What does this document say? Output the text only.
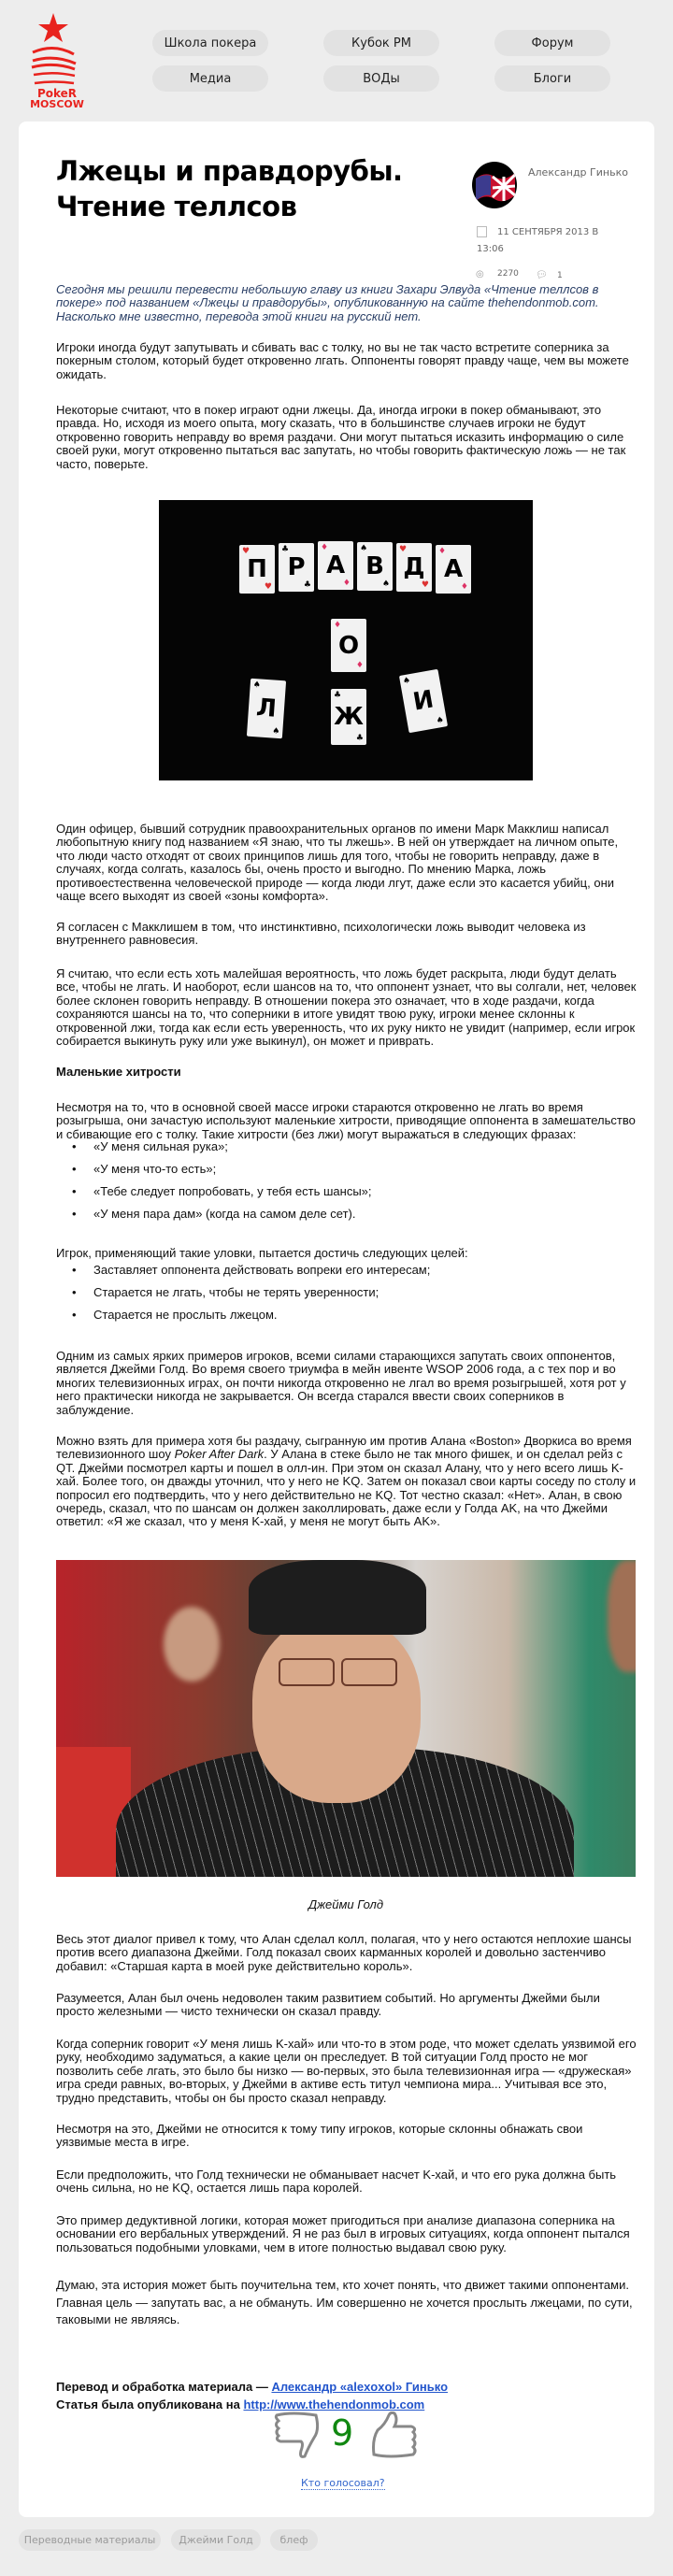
PokeR
MOSCOW
Школа покера	Кубок PM	Форум
Медиа	ВОДы	Блоги
Лжецы и правдорубы. Чтение теллсов
Александр Гинько
11 СЕНТЯБРЯ 2013 В
13:06
◎ 2270 💬︎ 1

Сегодня мы решили перевести небольшую главу из книги Захари Элвуда «Чтение теллсов в покере» под названием «Лжецы и правдорубы», опубликованную на сайте thehendonmob.com. Насколько мне известно, перевода этой книги на русский нет.

Игроки иногда будут запутывать и сбивать вас с толку, но вы не так часто встретите соперника за покерным столом, который будет откровенно лгать. Оппоненты говорят правду чаще, чем вы можете ожидать.

Некоторые считают, что в покер играют одни лжецы. Да, иногда игроки в покер обманывают, это правда. Но, исходя из моего опыта, могу сказать, что в большинстве случаев игроки не будут откровенно говорить неправду во время раздачи. Они могут пытаться исказить информацию о силе своей руки, могут откровенно пытаться вас запутать, но чтобы говорить фактическую ложь — не так часто, поверьте.

♥
П
♥
♣
Р
♣
♦
А
♦
♠
В
♠
♥
Д
♥
♦
А
♦
♦
О
♦
♠
Л
♠
♣
Ж
♣
♠
И
♠

Один офицер, бывший сотрудник правоохранительных органов по имени Марк Макклиш написал любопытную книгу под названием «Я знаю, что ты лжешь». В ней он утверждает на личном опыте, что люди часто отходят от своих принципов лишь для того, чтобы не говорить неправду, даже в случаях, когда солгать, казалось бы, очень просто и выгодно. По мнению Марка, ложь противоестественна человеческой природе — когда люди лгут, даже если это касается убийц, они чаще всего выходят из своей «зоны комфорта».

Я согласен с Макклишем в том, что инстинктивно, психологически ложь выводит человека из внутреннего равновесия.

Я считаю, что если есть хоть малейшая вероятность, что ложь будет раскрыта, люди будут делать все, чтобы не лгать. И наоборот, если шансов на то, что оппонент узнает, что вы солгали, нет, человек более склонен говорить неправду. В отношении покера это означает, что в ходе раздачи, когда сохраняются шансы на то, что соперники в итоге увидят твою руку, игроки менее склонны к откровенной лжи, тогда как если есть уверенность, что их руку никто не увидит (например, если игрок собирается выкинуть руку или уже выкинул), он может и приврать.

Маленькие хитрости

Несмотря на то, что в основной своей массе игроки стараются откровенно не лгать во время розыгрыша, они зачастую используют маленькие хитрости, приводящие оппонента в замешательство и сбивающие его с толку. Такие хитрости (без лжи) могут выражаться в следующих фразах:

• «У меня сильная рука»;
• «У меня что-то есть»;
• «Тебе следует попробовать, у тебя есть шансы»;
• «У меня пара дам» (когда на самом деле сет).

Игрок, применяющий такие уловки, пытается достичь следующих целей:

• Заставляет оппонента действовать вопреки его интересам;
• Старается не лгать, чтобы не терять уверенности;
• Старается не прослыть лжецом.

Одним из самых ярких примеров игроков, всеми силами старающихся запутать своих оппонентов, является Джейми Голд. Во время своего триумфа в мейн ивенте WSOP 2006 года, а с тех пор и во многих телевизионных играх, он почти никогда откровенно не лгал во время розыгрышей, хотя рот у него практически никогда не закрывается. Он всегда старался ввести своих соперников в заблуждение.

Можно взять для примера хотя бы раздачу, сыгранную им против Алана «Boston» Дворкиса во время телевизионного шоу Poker After Dark. У Алана в стеке было не так много фишек, и он сделал рейз с QT. Джейми посмотрел карты и пошел в олл-ин. При этом он сказал Алану, что у него всего лишь K-хай. Более того, он дважды уточнил, что у него не KQ. Затем он показал свои карты соседу по столу и попросил его подтвердить, что у него действительно не KQ. Тот честно сказал: «Нет». Алан, в свою очередь, сказал, что по шансам он должен заколлировать, даже если у Голда AK, на что Джейми ответил: «Я же сказал, что у меня K-хай, у меня не могут быть AK».

Джейми Голд

Весь этот диалог привел к тому, что Алан сделал колл, полагая, что у него остаются неплохие шансы против всего диапазона Джейми. Голд показал своих карманных королей и довольно застенчиво добавил: «Старшая карта в моей руке действительно король».

Разумеется, Алан был очень недоволен таким развитием событий. Но аргументы Джейми были просто железными — чисто технически он сказал правду.

Когда соперник говорит «У меня лишь K-хай» или что-то в этом роде, что может сделать уязвимой его руку, необходимо задуматься, а какие цели он преследует. В той ситуации Голд просто не мог позволить себе лгать, это было бы низко — во-первых, это была телевизионная игра — «дружеская» игра среди равных, во-вторых, у Джейми в активе есть титул чемпиона мира... Учитывая все это, трудно представить, чтобы он бы просто сказал неправду.

Несмотря на это, Джейми не относится к тому типу игроков, которые склонны обнажать свои уязвимые места в игре.

Если предположить, что Голд технически не обманывает насчет K-хай, и что его рука должна быть очень сильна, но не KQ, остается лишь пара королей.

Это пример дедуктивной логики, которая может пригодиться при анализе диапазона соперника на основании его вербальных утверждений. Я не раз был в игровых ситуациях, когда оппонент пытался пользоваться подобными уловками, чем в итоге полностью выдавал свою руку.

Думаю, эта история может быть поучительна тем, кто хочет понять, что движет такими оппонентами. Главная цель — запутать вас, а не обмануть. Им совершенно не хочется прослыть лжецами, по сути, таковыми не являясь.

Перевод и обработка материала — Александр «alexoxol» Гинько
Статья была опубликована на http://www.thehendonmob.com
9
Кто голосовал?
Переводные материалы	Джейми Голд	блеф
